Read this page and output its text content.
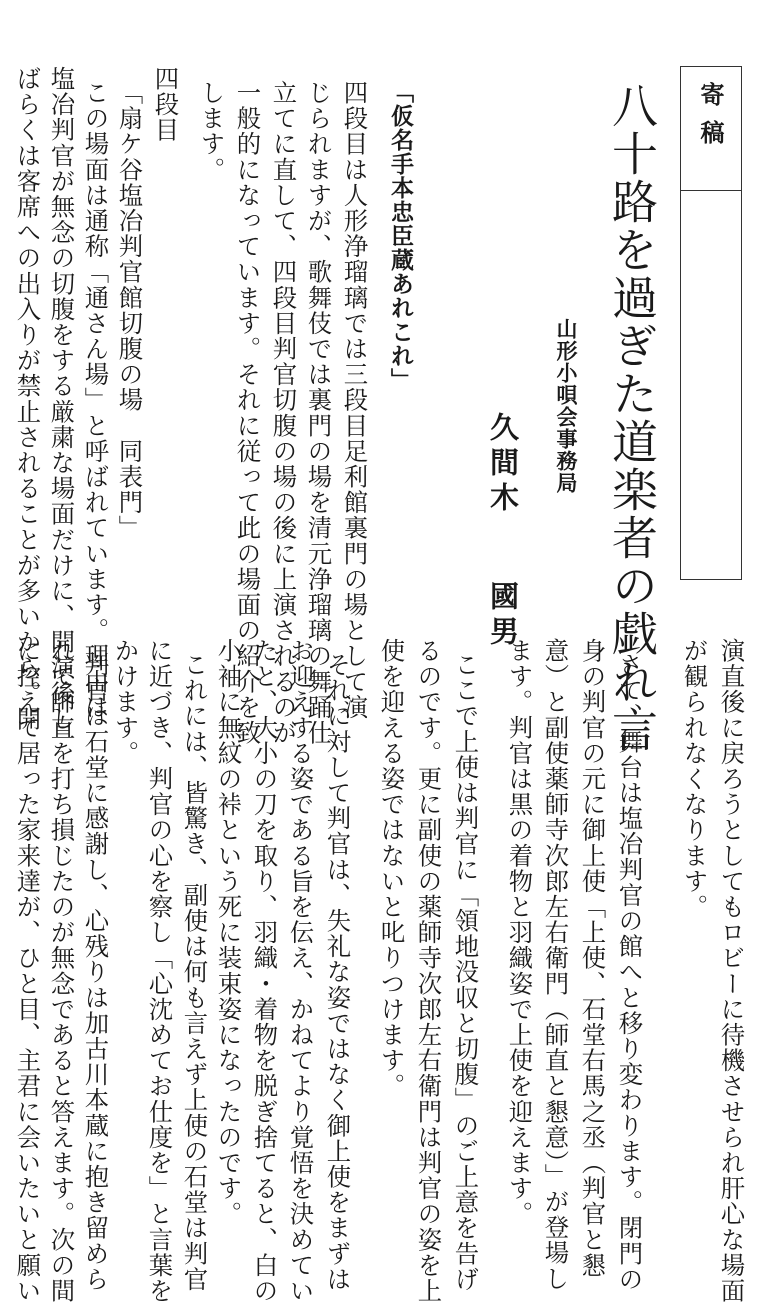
寄稿
八十路を過ぎた道楽者の戯れ言
山形小唄会事務局
久間木國男
「仮名手本忠臣蔵あれこれ」
四段目は人形浄瑠璃では三段目足利館裏門の場として演
じられますが、歌舞伎では裏門の場を清元浄瑠璃の舞踊仕
立てに直して、四段目判官切腹の場の後に上演されるのが
一般的になっています。それに従って此の場面の紹介を致
します。
四段目
「扇ケ谷塩冶判官館切腹の場　同表門」
この場面は通称「通さん場」と呼ばれています。理由は
塩冶判官が無念の切腹をする厳粛な場面だけに、開演後し
ばらくは客席への出入りが禁止されることが多いから。開
演直後に戻ろうとしてもロビーに待機させられ肝心な場面
が観られなくなります。
さて、舞台は塩冶判官の館へと移り変わります。閉門の
身の判官の元に御上使「上使、石堂右馬之丞（判官と懇
意）と副使薬師寺次郎左右衛門（師直と懇意）」が登場し
ます。判官は黒の着物と羽織姿で上使を迎えます。
ここで上使は判官に「領地没収と切腹」のご上意を告げ
るのです。更に副使の薬師寺次郎左右衛門は判官の姿を上
使を迎える姿ではないと叱りつけます。
それに対して判官は、失礼な姿ではなく御上使をまずは
お迎えする姿である旨を伝え、かねてより覚悟を決めてい
たと、大小の刀を取り、羽織・着物を脱ぎ捨てると、白の
小袖に無紋の裃という死に装束姿になったのです。
これには、皆驚き、副使は何も言えず上使の石堂は判官
に近づき、判官の心を察し「心沈めてお仕度を」と言葉を
かけます。
判官は石堂に感謝し、心残りは加古川本蔵に抱き留めら
れて師直を打ち損じたのが無念であると答えます。次の間
に控えて居った家来達が、ひと目、主君に会いたいと願い
